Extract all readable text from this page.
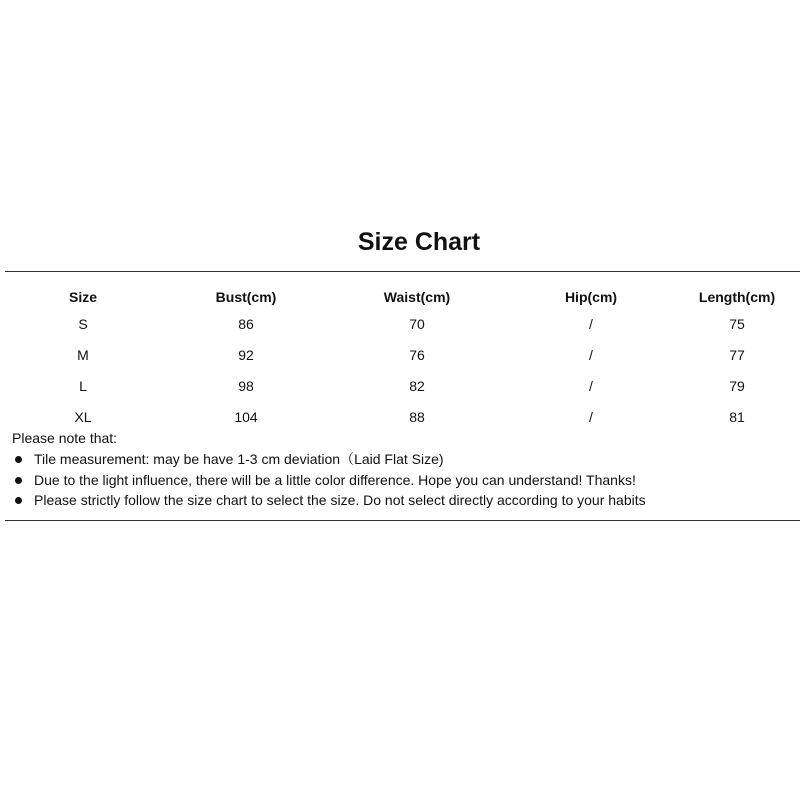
Size Chart
Size	Bust(cm)	Waist(cm)	Hip(cm)	Length(cm)
S	86	70	/	75
M	92	76	/	77
L	98	82	/	79
XL	104	88	/	81

Please note that:

Tile measurement: may be have 1-3 cm deviation（Laid Flat Size)
Due to the light influence, there will be a little color difference. Hope you can understand! Thanks!
Please strictly follow the size chart to select the size. Do not select directly according to your habits
